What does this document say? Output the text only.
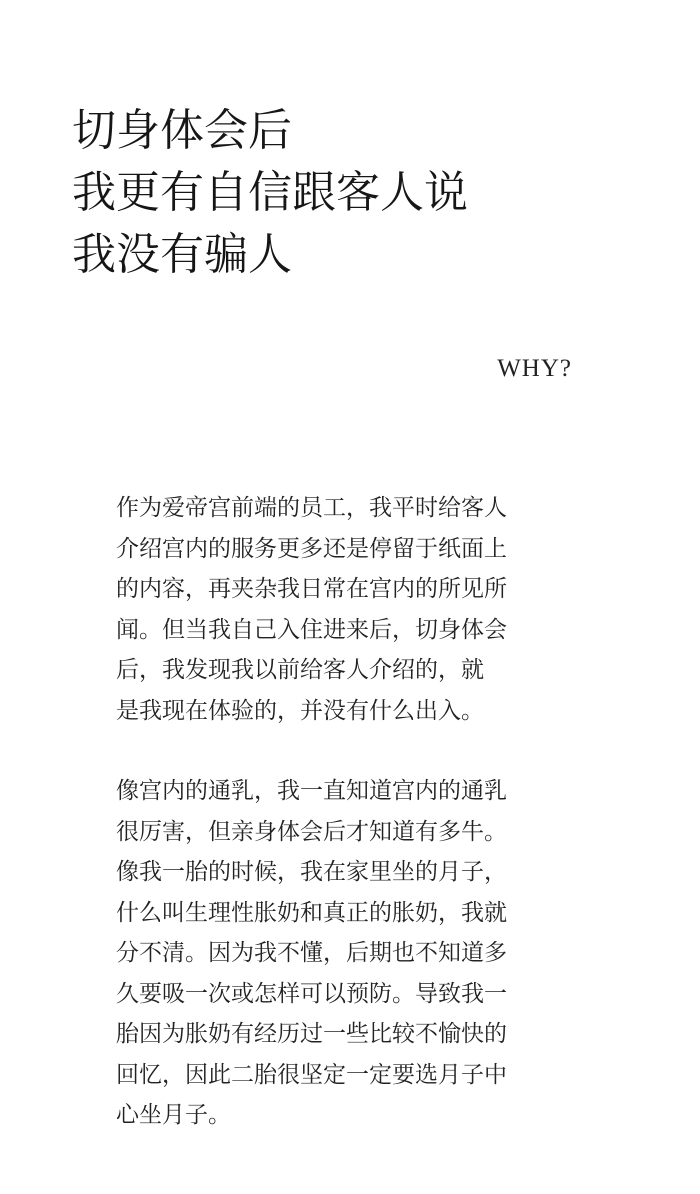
切身体会后
我更有自信跟客人说
我没有骗人
WHY?

作为爱帝宫前端的员工，我平时给客人
介绍宫内的服务更多还是停留于纸面上
的内容，再夹杂我日常在宫内的所见所
闻。但当我自己入住进来后，切身体会
后，我发现我以前给客人介绍的，就
是我现在体验的，并没有什么出入。

像宫内的通乳，我一直知道宫内的通乳
很厉害，但亲身体会后才知道有多牛。
像我一胎的时候，我在家里坐的月子，
什么叫生理性胀奶和真正的胀奶，我就
分不清。因为我不懂，后期也不知道多
久要吸一次或怎样可以预防。导致我一
胎因为胀奶有经历过一些比较不愉快的
回忆，因此二胎很坚定一定要选月子中
心坐月子。
